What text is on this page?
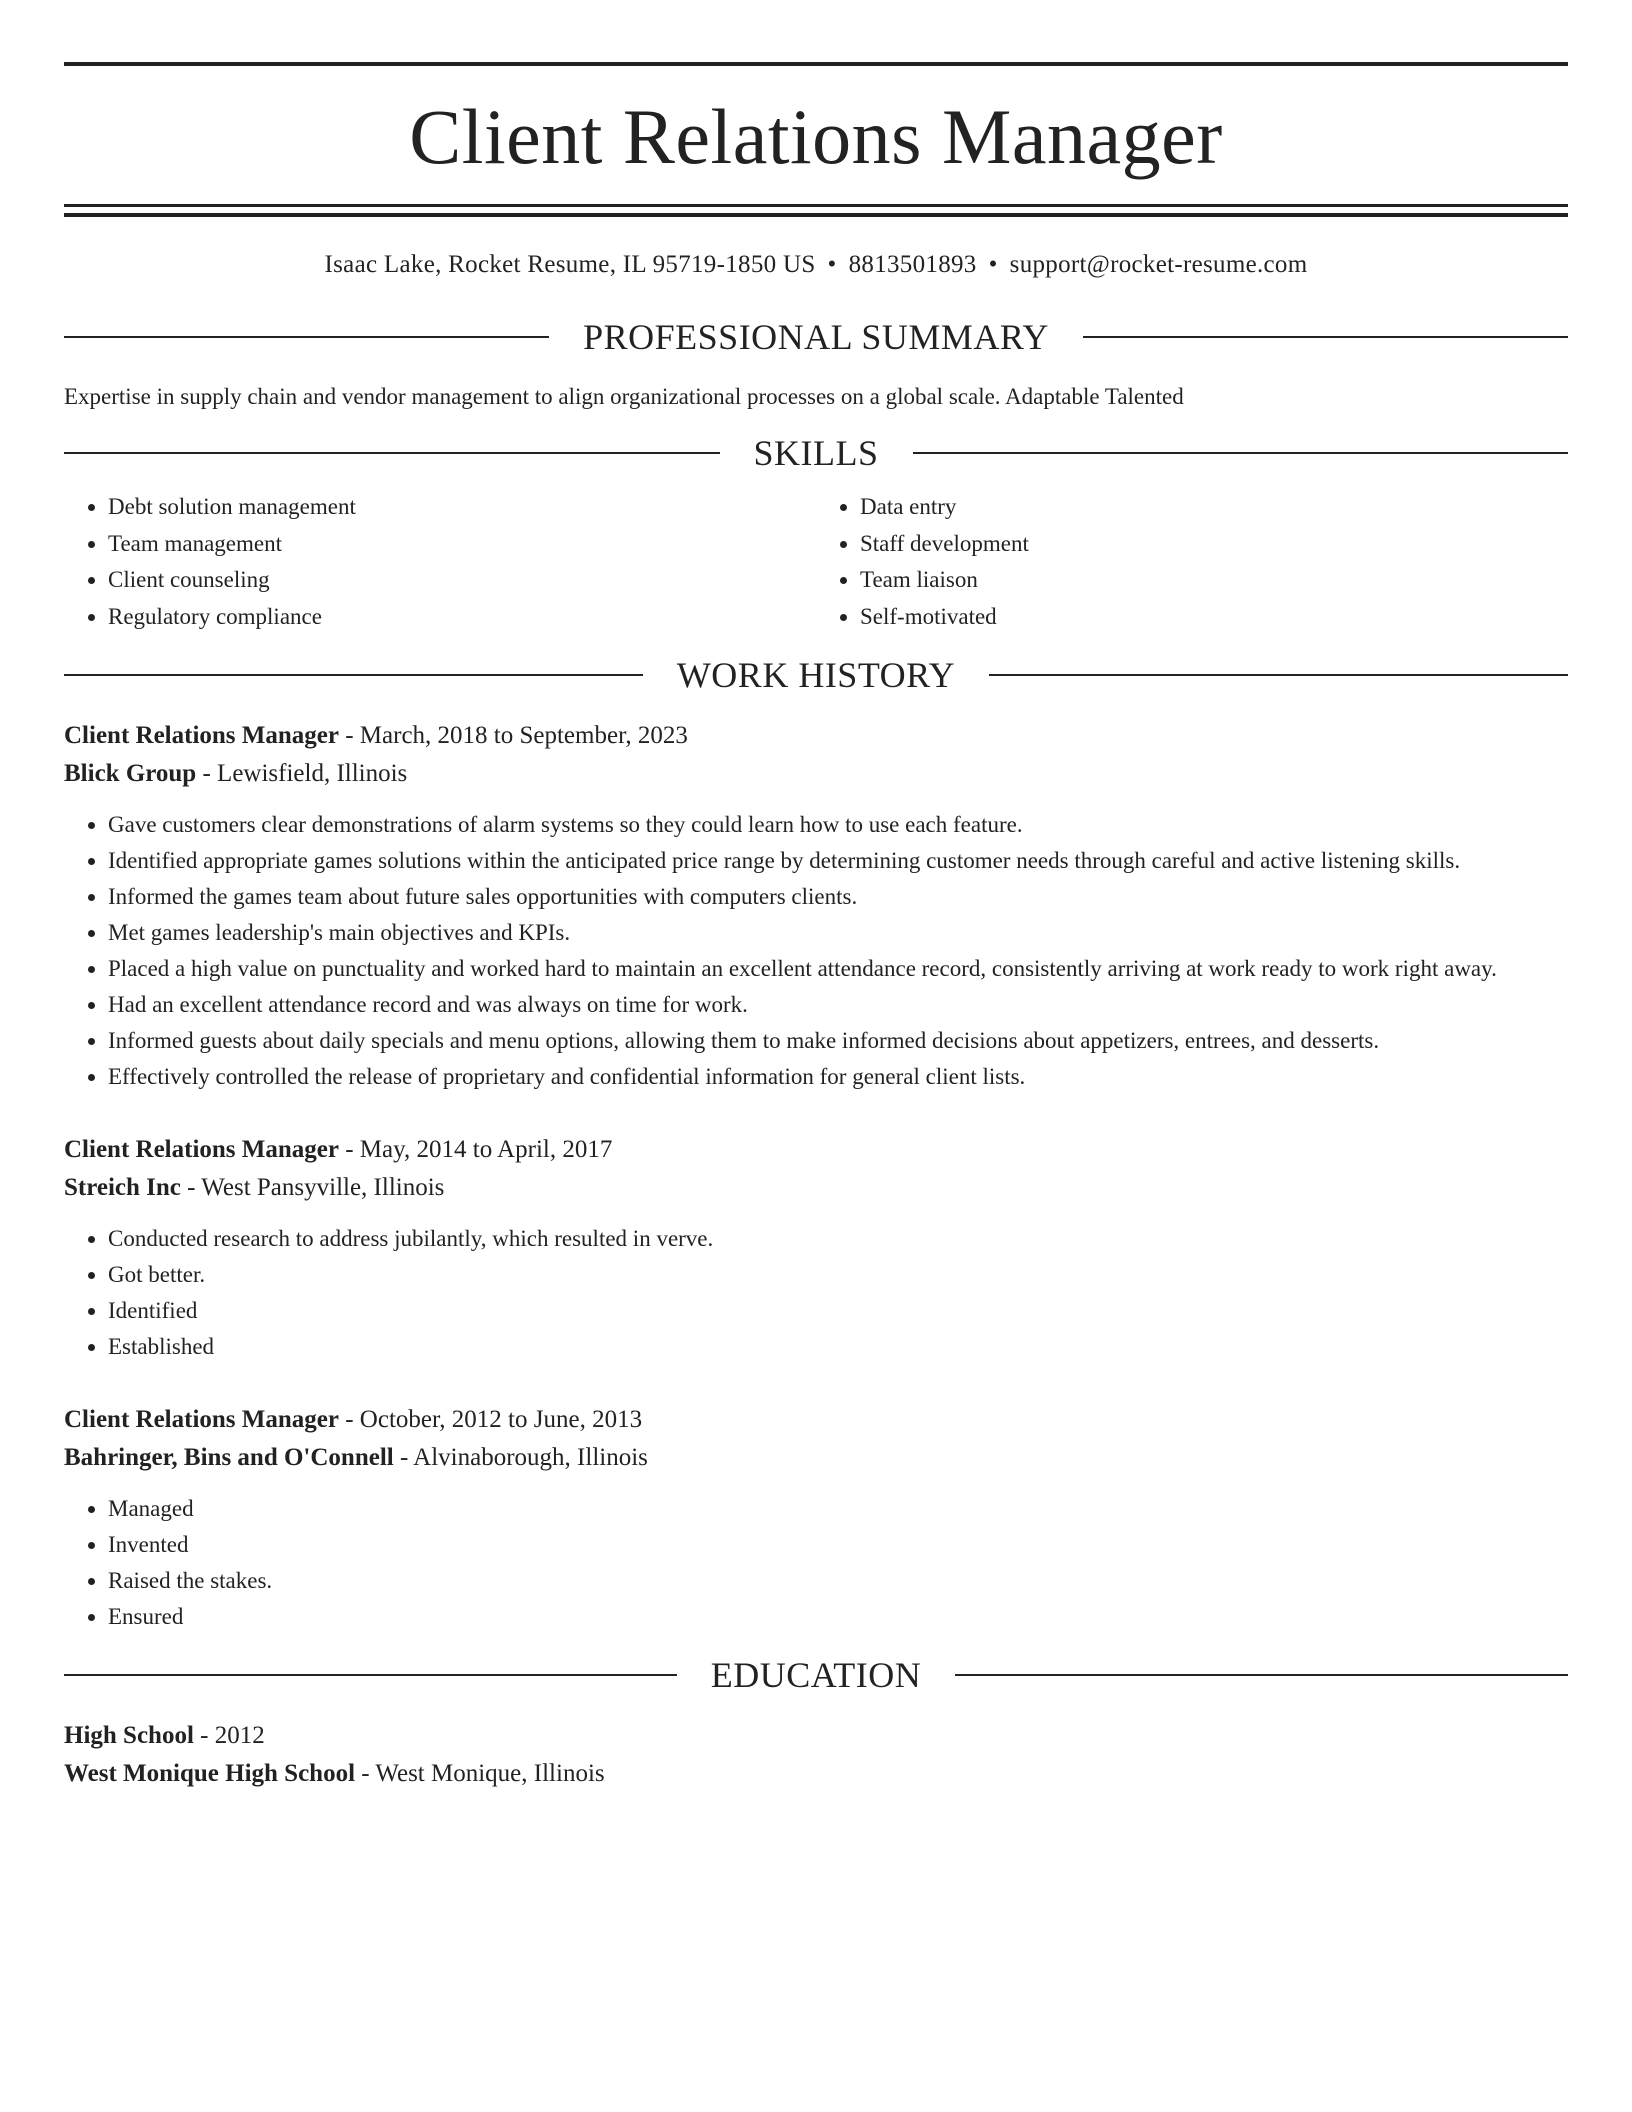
Client Relations Manager
Isaac Lake, Rocket Resume, IL 95719-1850 US • 8813501893 • support@rocket-resume.com
PROFESSIONAL SUMMARY
Expertise in supply chain and vendor management to align organizational processes on a global scale. Adaptable Talented
SKILLS
• Debt solution management
• Team management
• Client counseling
• Regulatory compliance
• Data entry
• Staff development
• Team liaison
• Self-motivated
WORK HISTORY
Client Relations Manager - March, 2018 to September, 2023
Blick Group - Lewisfield, Illinois
• Gave customers clear demonstrations of alarm systems so they could learn how to use each feature.
• Identified appropriate games solutions within the anticipated price range by determining customer needs through careful and active listening skills.
• Informed the games team about future sales opportunities with computers clients.
• Met games leadership's main objectives and KPIs.
• Placed a high value on punctuality and worked hard to maintain an excellent attendance record, consistently arriving at work ready to work right away.
• Had an excellent attendance record and was always on time for work.
• Informed guests about daily specials and menu options, allowing them to make informed decisions about appetizers, entrees, and desserts.
• Effectively controlled the release of proprietary and confidential information for general client lists.
Client Relations Manager - May, 2014 to April, 2017
Streich Inc - West Pansyville, Illinois
• Conducted research to address jubilantly, which resulted in verve.
• Got better.
• Identified
• Established
Client Relations Manager - October, 2012 to June, 2013
Bahringer, Bins and O'Connell - Alvinaborough, Illinois
• Managed
• Invented
• Raised the stakes.
• Ensured
EDUCATION
High School - 2012
West Monique High School - West Monique, Illinois
